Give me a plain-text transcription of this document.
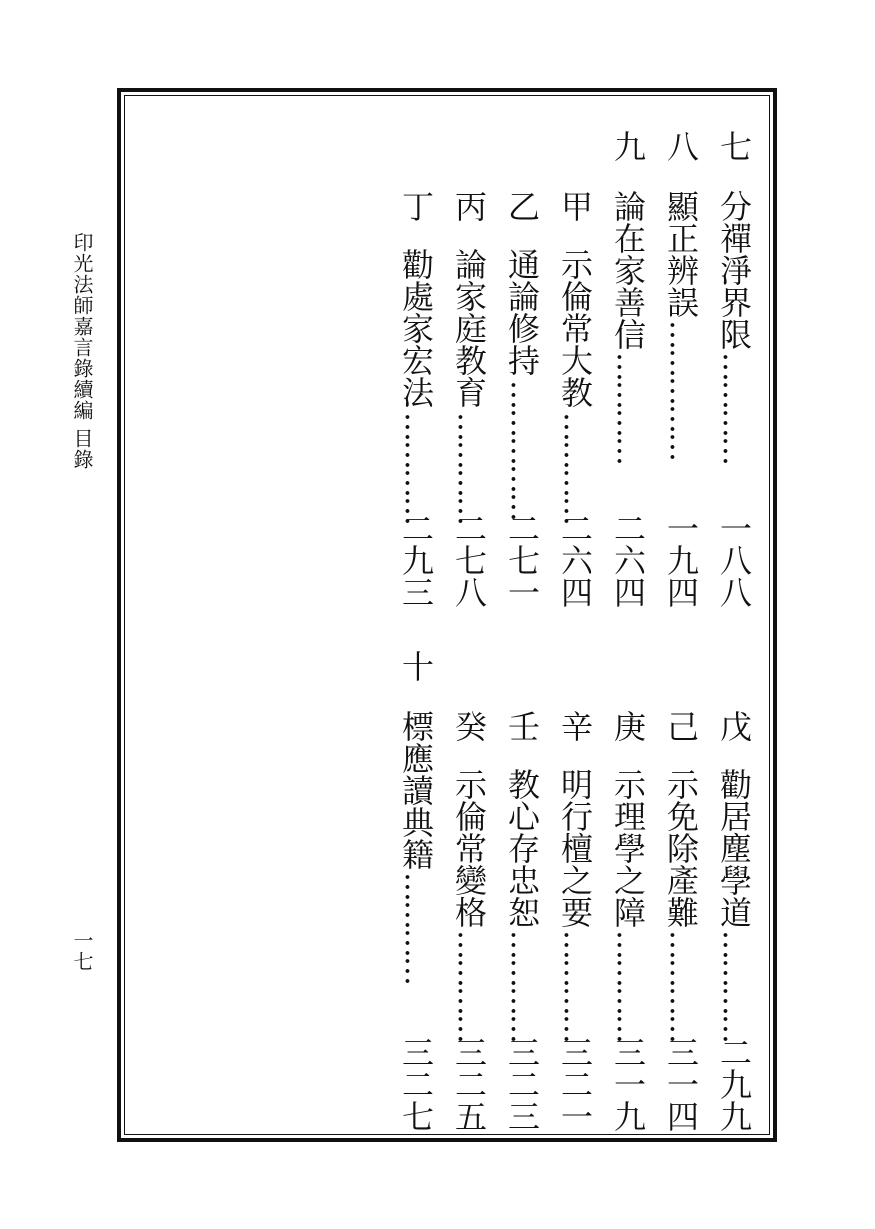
印光法師嘉言錄續編
目錄
一七
七
分禪淨界限
…………
一八八
八
顯正辨誤
……………
一九四
九
論在家善信
…………
二六四
甲
示倫常大教
…………
二六四
乙
通論修持
……………
二七一
丙
論家庭教育
…………
二七八
丁
勸處家宏法
…………
二九三
戊
勸居塵學道
…………
二九九
己
示免除產難
…………
三一四
庚
示理學之障
…………
三一九
辛
明行檀之要
…………
三二一
壬
教心存忠恕
…………
三二三
癸
示倫常變格
…………
三二五
十
標應讀典籍
…………
三二七
